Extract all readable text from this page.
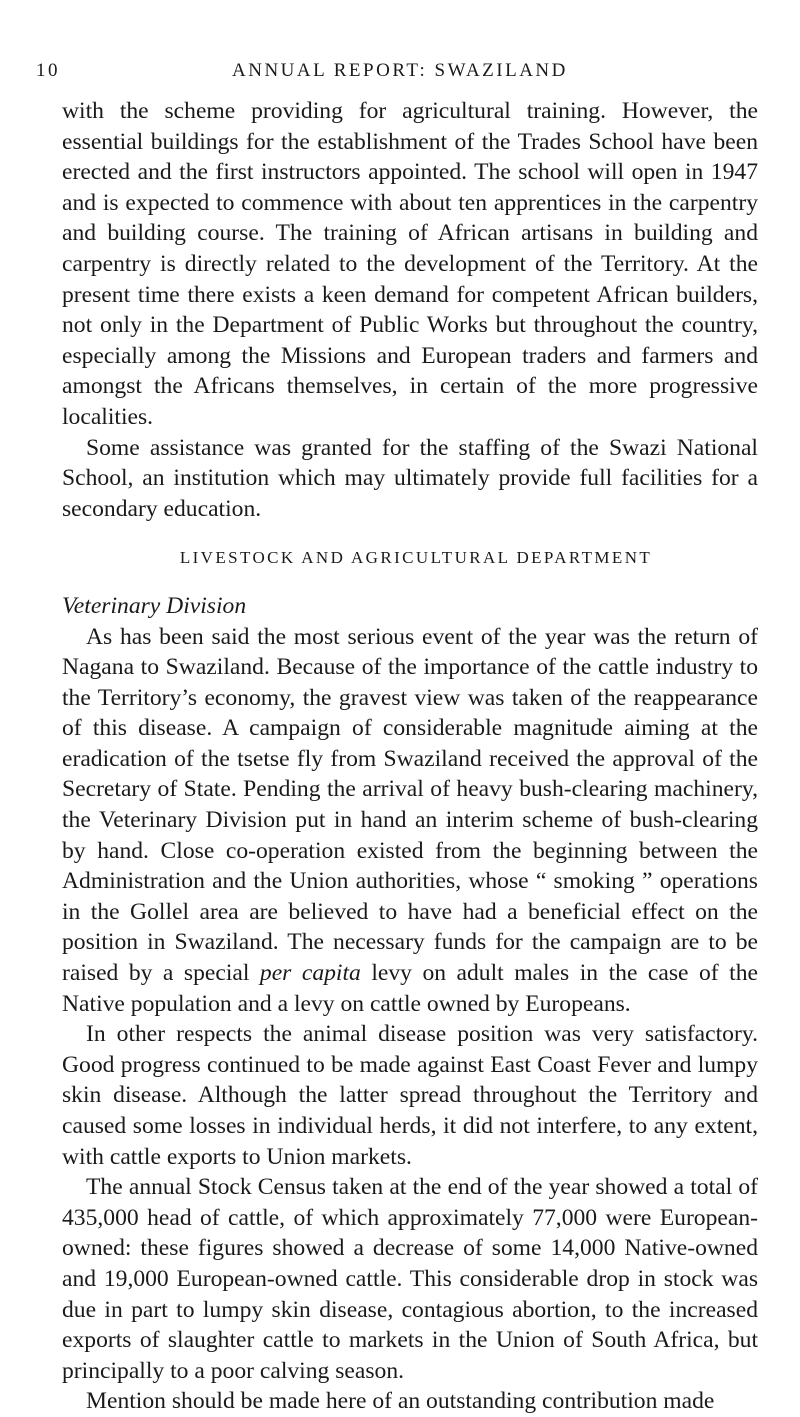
10	ANNUAL REPORT: SWAZILAND

with the scheme providing for agricultural training. However, the essential buildings for the establishment of the Trades School have been erected and the first instructors appointed. The school will open in 1947 and is expected to commence with about ten apprentices in the carpentry and building course. The training of African artisans in building and carpentry is directly related to the development of the Territory. At the present time there exists a keen demand for competent African builders, not only in the Department of Public Works but throughout the country, especially among the Missions and European traders and farmers and amongst the Africans themselves, in certain of the more progressive localities.

Some assistance was granted for the staffing of the Swazi National School, an institution which may ultimately provide full facilities for a secondary education.

LIVESTOCK AND AGRICULTURAL DEPARTMENT

Veterinary Division

As has been said the most serious event of the year was the return of Nagana to Swaziland. Because of the importance of the cattle industry to the Territory’s economy, the gravest view was taken of the reappearance of this disease. A campaign of considerable magnitude aiming at the eradication of the tsetse fly from Swaziland received the approval of the Secretary of State. Pending the arrival of heavy bush-clearing machinery, the Veterinary Division put in hand an interim scheme of bush-clearing by hand. Close co-operation existed from the beginning between the Administration and the Union authorities, whose “ smoking ” operations in the Gollel area are believed to have had a beneficial effect on the position in Swaziland. The necessary funds for the campaign are to be raised by a special per capita levy on adult males in the case of the Native population and a levy on cattle owned by Europeans.

In other respects the animal disease position was very satisfactory. Good progress continued to be made against East Coast Fever and lumpy skin disease. Although the latter spread throughout the Territory and caused some losses in individual herds, it did not interfere, to any extent, with cattle exports to Union markets.

The annual Stock Census taken at the end of the year showed a total of 435,000 head of cattle, of which approximately 77,000 were European-owned: these figures showed a decrease of some 14,000 Native-owned and 19,000 European-owned cattle. This considerable drop in stock was due in part to lumpy skin disease, contagious abortion, to the increased exports of slaughter cattle to markets in the Union of South Africa, but principally to a poor calving season.

Mention should be made here of an outstanding contribution made
